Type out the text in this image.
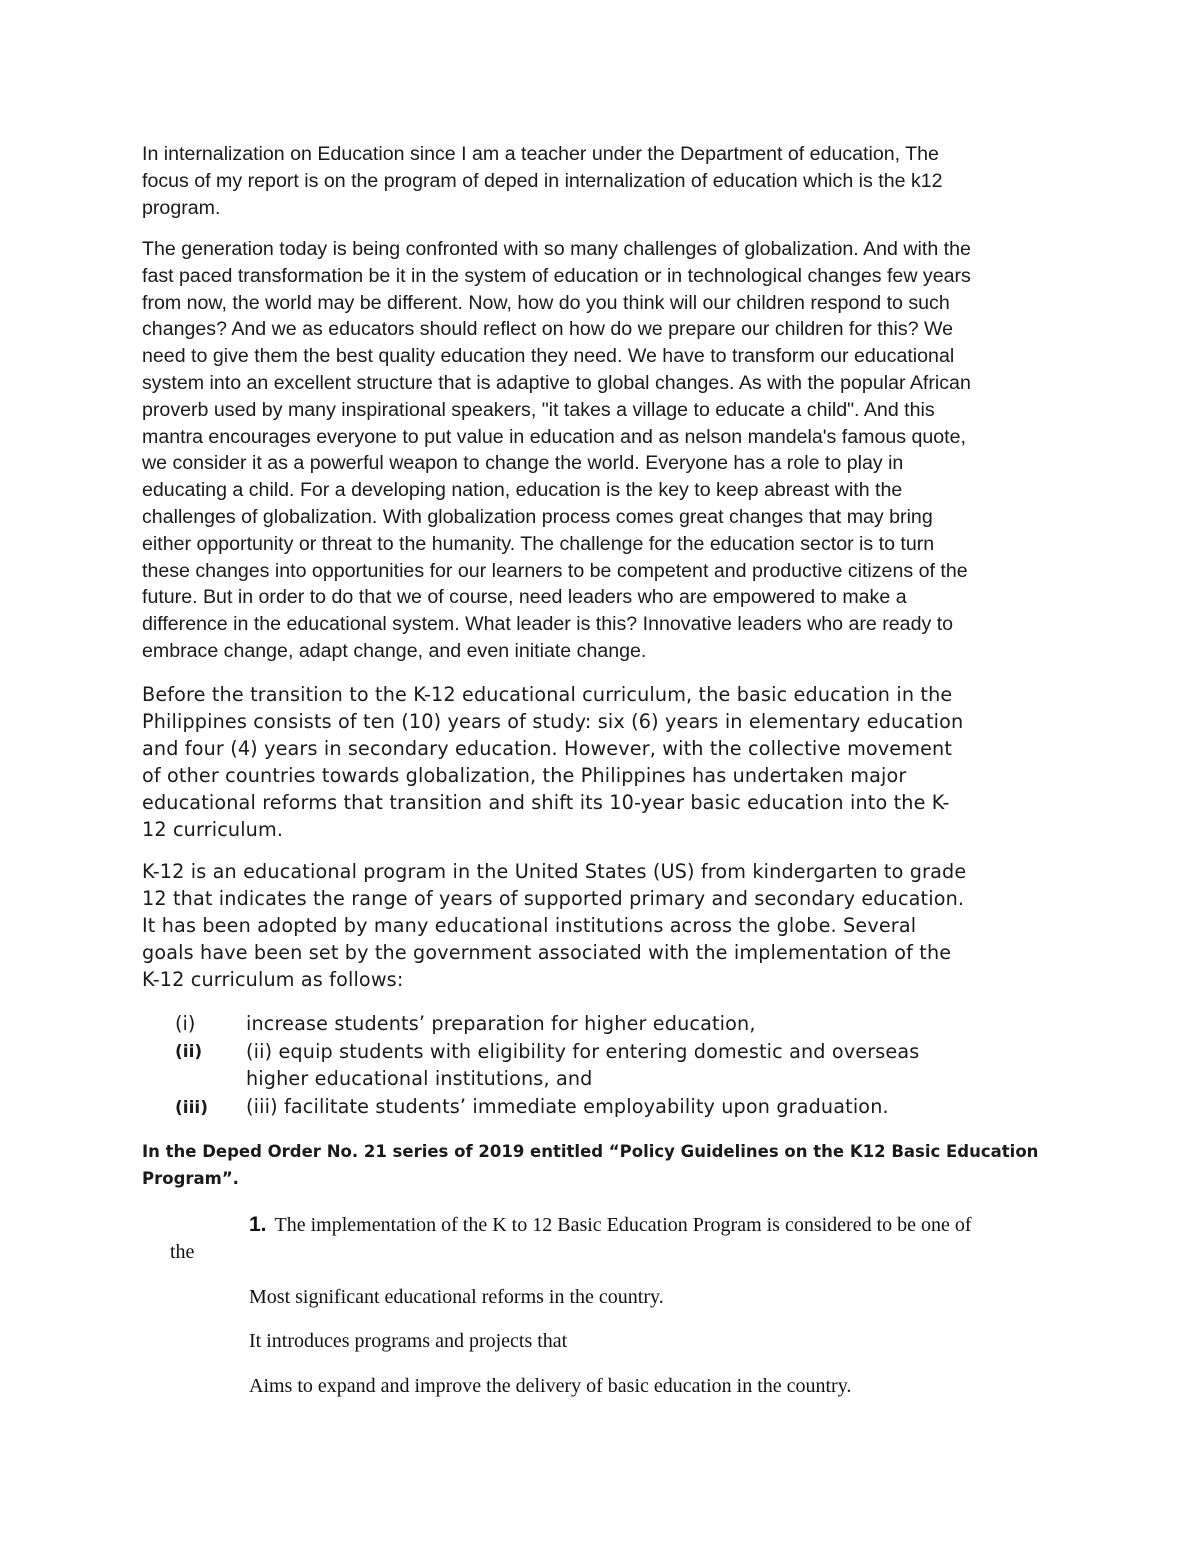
In internalization on Education since I am a teacher under the Department of education, The
focus of my report is on the program of deped in internalization of education which is the k12
program.

The generation today is being confronted with so many challenges of globalization. And with the
fast paced transformation be it in the system of education or in technological changes few years
from now, the world may be different. Now, how do you think will our children respond to such
changes? And we as educators should reflect on how do we prepare our children for this? We
need to give them the best quality education they need. We have to transform our educational
system into an excellent structure that is adaptive to global changes. As with the popular African
proverb used by many inspirational speakers, "it takes a village to educate a child". And this
mantra encourages everyone to put value in education and as nelson mandela's famous quote,
we consider it as a powerful weapon to change the world. Everyone has a role to play in
educating a child. For a developing nation, education is the key to keep abreast with the
challenges of globalization. With globalization process comes great changes that may bring
either opportunity or threat to the humanity. The challenge for the education sector is to turn
these changes into opportunities for our learners to be competent and productive citizens of the
future. But in order to do that we of course, need leaders who are empowered to make a
difference in the educational system. What leader is this? Innovative leaders who are ready to
embrace change, adapt change, and even initiate change.

Before the transition to the K-12 educational curriculum, the basic education in the
Philippines consists of ten (10) years of study: six (6) years in elementary education
and four (4) years in secondary education. However, with the collective movement
of other countries towards globalization, the Philippines has undertaken major
educational reforms that transition and shift its 10-year basic education into the K-
12 curriculum.

K-12 is an educational program in the United States (US) from kindergarten to grade
12 that indicates the range of years of supported primary and secondary education.
It has been adopted by many educational institutions across the globe. Several
goals have been set by the government associated with the implementation of the
K-12 curriculum as follows:

(i)	increase students’ preparation for higher education,

(ii) (ii) equip students with eligibility for entering domestic and overseas
higher educational institutions, and

(iii) (iii) facilitate students’ immediate employability upon graduation.

In the Deped Order No. 21 series of 2019 entitled “Policy Guidelines on the K12 Basic Education
Program”.

1. The implementation of the K to 12 Basic Education Program is considered to be one of

the

Most significant educational reforms in the country.

It introduces programs and projects that

Aims to expand and improve the delivery of basic education in the country.
